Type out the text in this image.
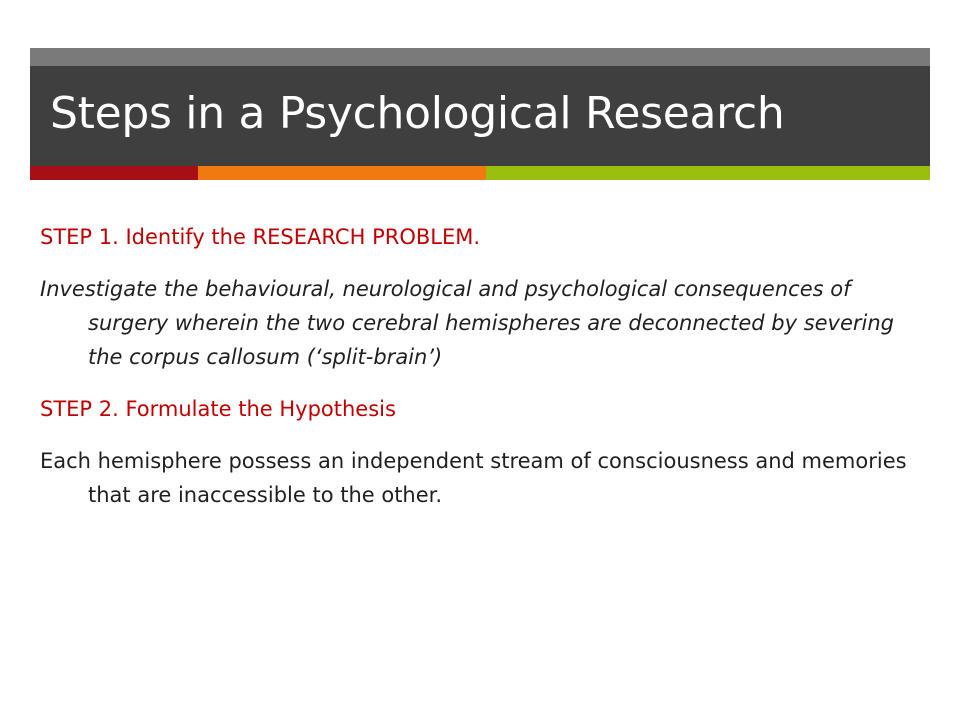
Steps in a Psychological Research

STEP 1. Identify the RESEARCH PROBLEM.

Investigate the behavioural, neurological and psychological consequences of surgery wherein the two cerebral hemispheres are deconnected by severing the corpus callosum (‘split-brain’)

STEP 2. Formulate the Hypothesis

Each hemisphere possess an independent stream of consciousness and memories that are inaccessible to the other.
